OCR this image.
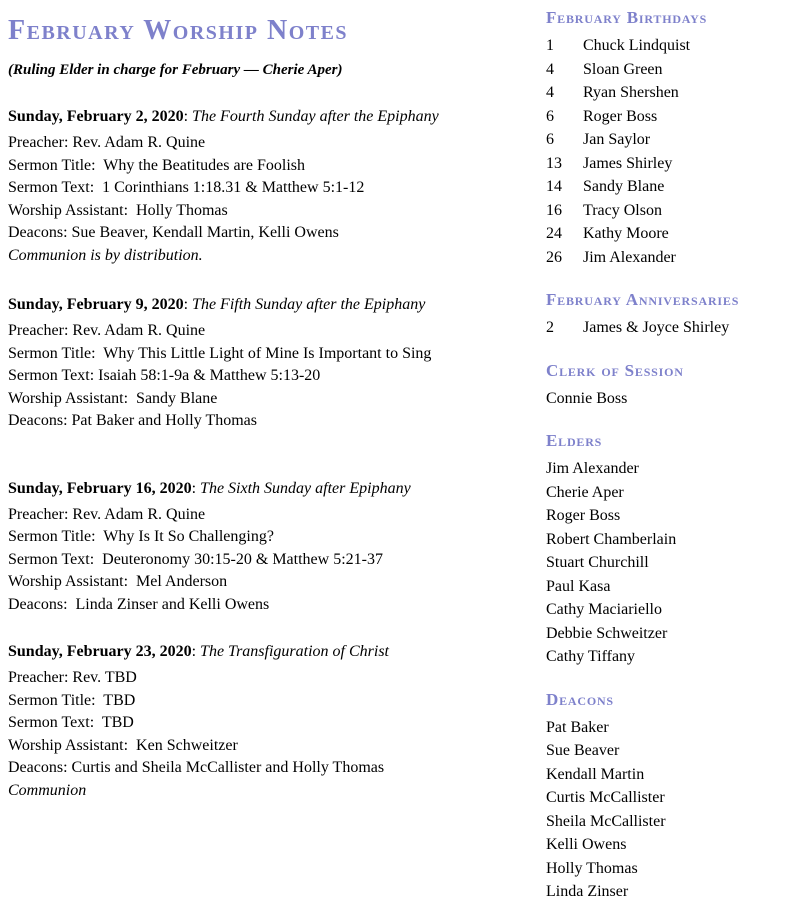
February Worship Notes
(Ruling Elder in charge for February — Cherie Aper)

Sunday, February 2, 2020: The Fourth Sunday after the Epiphany

Preacher: Rev. Adam R. Quine

Sermon Title:  Why the Beatitudes are Foolish

Sermon Text:  1 Corinthians 1:18.31 & Matthew 5:1-12

Worship Assistant:  Holly Thomas

Deacons: Sue Beaver, Kendall Martin, Kelli Owens

Communion is by distribution.

Sunday, February 9, 2020: The Fifth Sunday after the Epiphany

Preacher: Rev. Adam R. Quine

Sermon Title:  Why This Little Light of Mine Is Important to Sing

Sermon Text: Isaiah 58:1-9a & Matthew 5:13-20

Worship Assistant:  Sandy Blane

Deacons: Pat Baker and Holly Thomas

Sunday, February 16, 2020: The Sixth Sunday after Epiphany

Preacher: Rev. Adam R. Quine

Sermon Title:  Why Is It So Challenging?

Sermon Text:  Deuteronomy 30:15-20 & Matthew 5:21-37

Worship Assistant:  Mel Anderson

Deacons:  Linda Zinser and Kelli Owens

Sunday, February 23, 2020: The Transfiguration of Christ

Preacher: Rev. TBD

Sermon Title:  TBD

Sermon Text:  TBD

Worship Assistant:  Ken Schweitzer

Deacons: Curtis and Sheila McCallister and Holly Thomas

Communion

February Birthdays
1	Chuck Lindquist
4	Sloan Green
4	Ryan Shershen
6	Roger Boss
6	Jan Saylor
13	James Shirley
14	Sandy Blane
16	Tracy Olson
24	Kathy Moore
26	Jim Alexander
February Anniversaries
2	James & Joyce Shirley
Clerk of Session
Connie Boss
Elders
Jim Alexander
Cherie Aper
Roger Boss
Robert Chamberlain
Stuart Churchill
Paul Kasa
Cathy Maciariello
Debbie Schweitzer
Cathy Tiffany
Deacons
Pat Baker
Sue Beaver
Kendall Martin
Curtis McCallister
Sheila McCallister
Kelli Owens
Holly Thomas
Linda Zinser
